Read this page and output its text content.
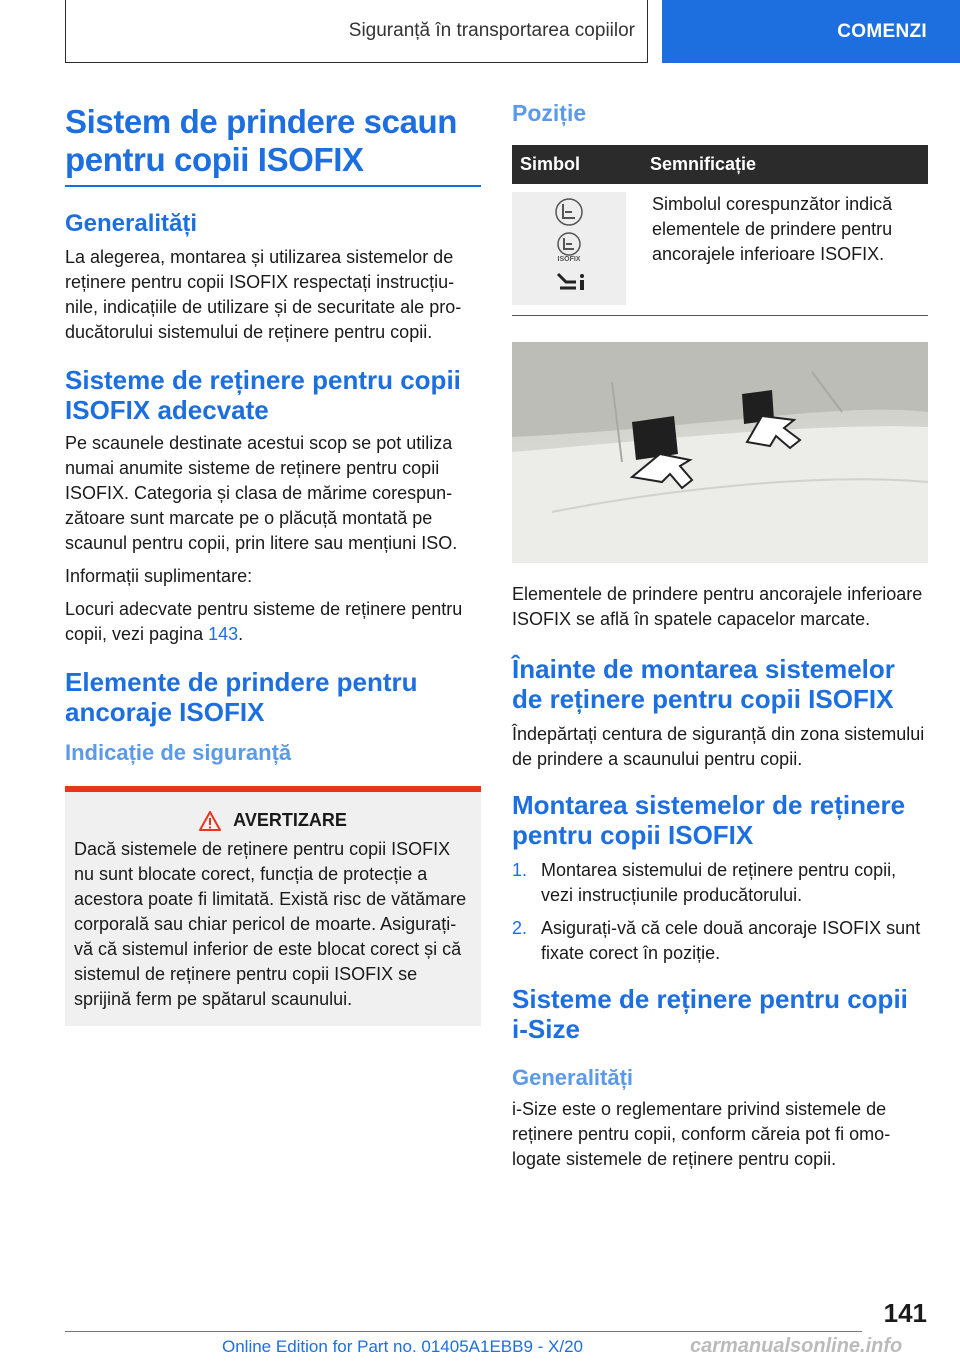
Siguranță în transportarea copiilor	COMENZI
Sistem de prindere scaun pentru copii ISOFIX
Generalități

La alegerea, montarea și utilizarea sistemelor de reținere pentru copii ISOFIX respectați instrucțiunile, indicațiile de utilizare și de securitate ale producătorului sistemului de reținere pentru copii.

Sisteme de reținere pentru copii ISOFIX adecvate

Pe scaunele destinate acestui scop se pot utiliza numai anumite sisteme de reținere pentru copii ISOFIX. Categoria și clasa de mărime corespunzătoare sunt marcate pe o plăcuță montată pe scaunul pentru copii, prin litere sau mențiuni ISO.

Informații suplimentare:

Locuri adecvate pentru sisteme de reținere pentru copii, vezi pagina 143.

Elemente de prindere pentru ancoraje ISOFIX
Indicație de siguranță
AVERTIZARE

Dacă sistemele de reținere pentru copii ISOFIX nu sunt blocate corect, funcția de protecție a acestora poate fi limitată. Există risc de vătămare corporală sau chiar pericol de moarte. Asigurați-vă că sistemul inferior de este blocat corect și că sistemul de reținere pentru copii ISOFIX se sprijină ferm pe spătarul scaunului.

Poziție
Simbol	Semnificație

ISOFIX	Simbolul corespunzător indică elementele de prindere pentru ancorajele inferioare ISOFIX.

Elementele de prindere pentru ancorajele inferioare ISOFIX se află în spatele capacelor marcate.

Înainte de montarea sistemelor de reținere pentru copii ISOFIX

Îndepărtați centura de siguranță din zona sistemului de prindere a scaunului pentru copii.

Montarea sistemelor de reținere pentru copii ISOFIX
1. Montarea sistemului de reținere pentru copii, vezi instrucțiunile producătorului.
2. Asigurați-vă că cele două ancoraje ISOFIX sunt fixate corect în poziție.
Sisteme de reținere pentru copii i-Size
Generalități

i-Size este o reglementare privind sistemele de reținere pentru copii, conform căreia pot fi omologate sistemele de reținere pentru copii.

141
Online Edition for Part no. 01405A1EBB9 - X/20	carmanualsonline.info
